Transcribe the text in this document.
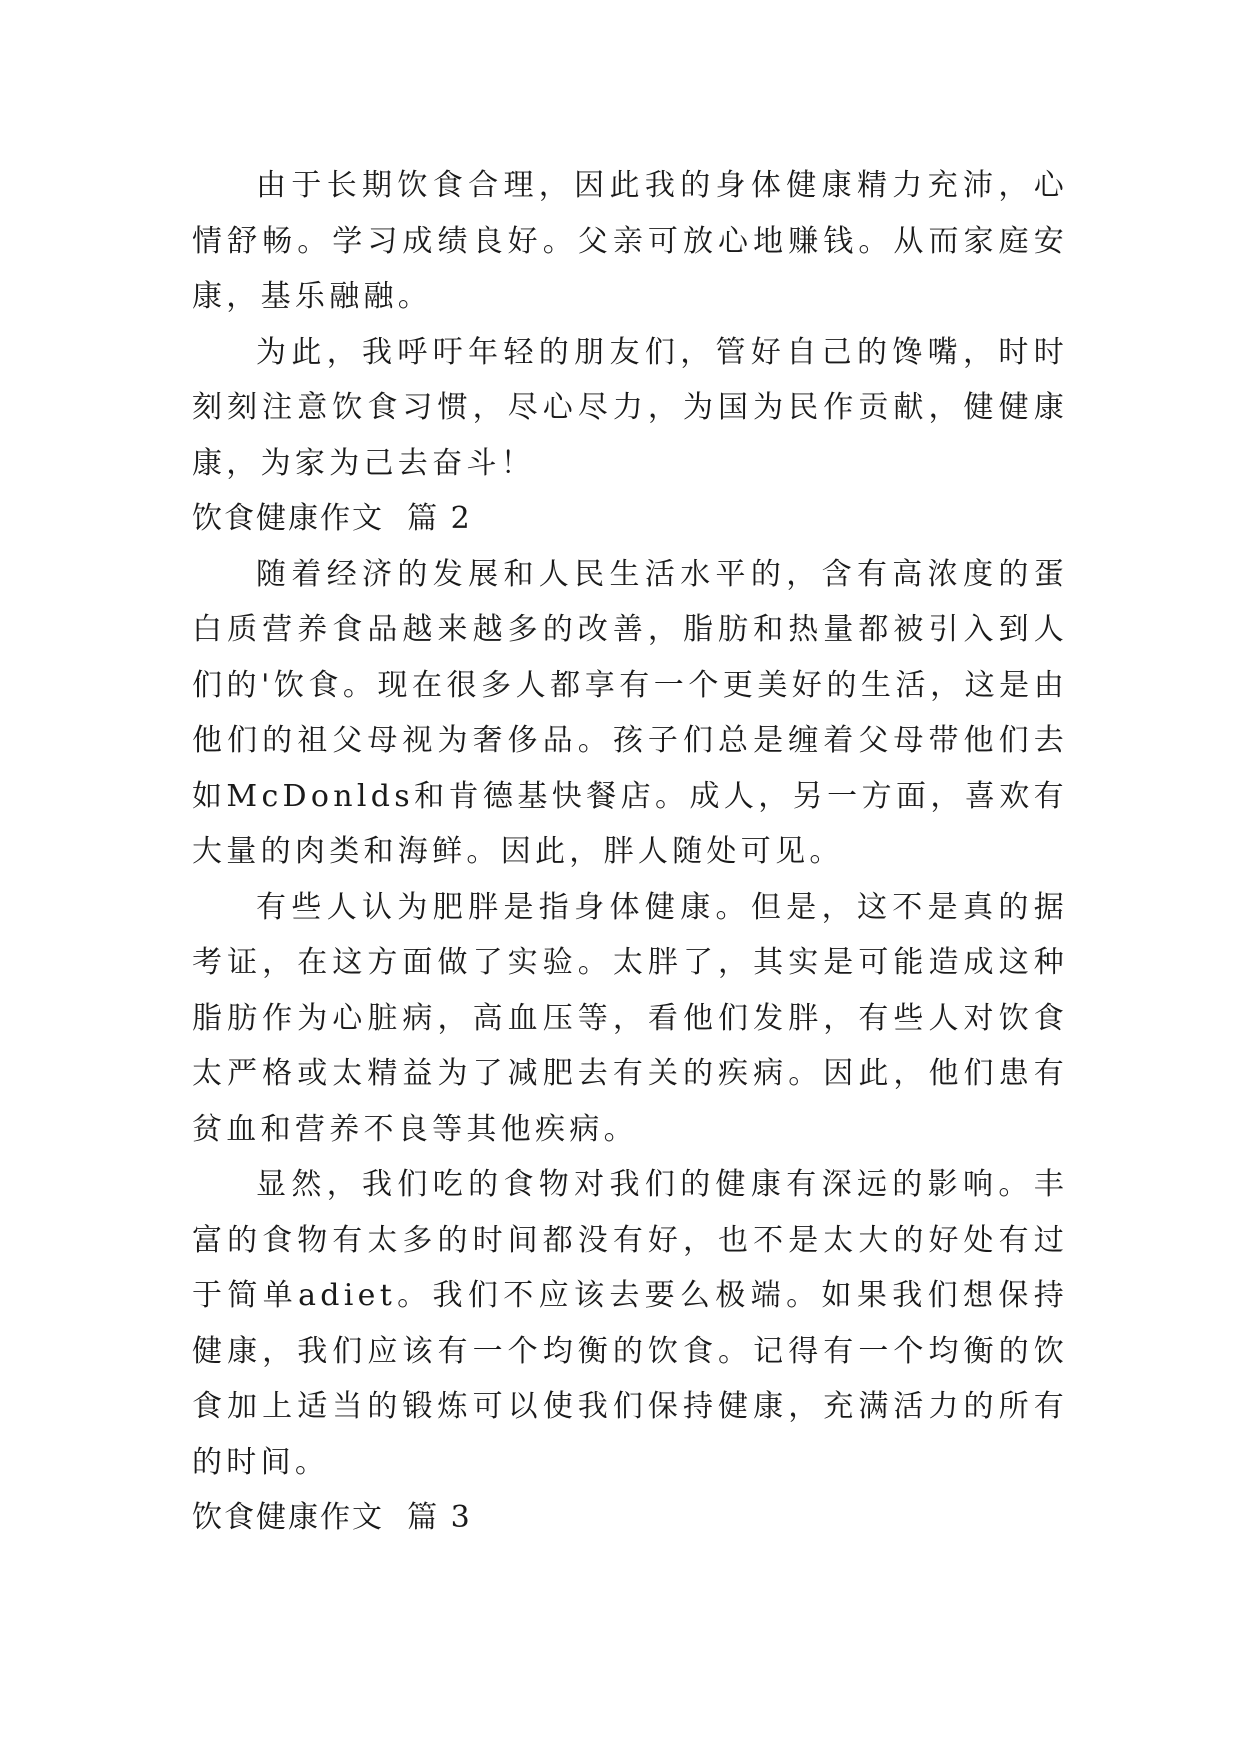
由于长期饮食合理，因此我的身体健康精力充沛，心情舒畅。学习成绩良好。父亲可放心地赚钱。从而家庭安康，基乐融融。

为此，我呼吁年轻的朋友们，管好自己的馋嘴，时时刻刻注意饮食习惯，尽心尽力，为国为民作贡献，健健康康，为家为己去奋斗！

饮食健康作文  篇 2

随着经济的发展和人民生活水平的，含有高浓度的蛋白质营养食品越来越多的改善，脂肪和热量都被引入到人们的'饮食。现在很多人都享有一个更美好的生活，这是由他们的祖父母视为奢侈品。孩子们总是缠着父母带他们去如McDonlds和肯德基快餐店。成人，另一方面，喜欢有大量的肉类和海鲜。因此，胖人随处可见。

有些人认为肥胖是指身体健康。但是，这不是真的据考证，在这方面做了实验。太胖了，其实是可能造成这种脂肪作为心脏病，高血压等，看他们发胖，有些人对饮食太严格或太精益为了减肥去有关的疾病。因此，他们患有贫血和营养不良等其他疾病。

显然，我们吃的食物对我们的健康有深远的影响。丰富的食物有太多的时间都没有好，也不是太大的好处有过于简单adiet。我们不应该去要么极端。如果我们想保持健康，我们应该有一个均衡的饮食。记得有一个均衡的饮食加上适当的锻炼可以使我们保持健康，充满活力的所有的时间。

饮食健康作文  篇 3
